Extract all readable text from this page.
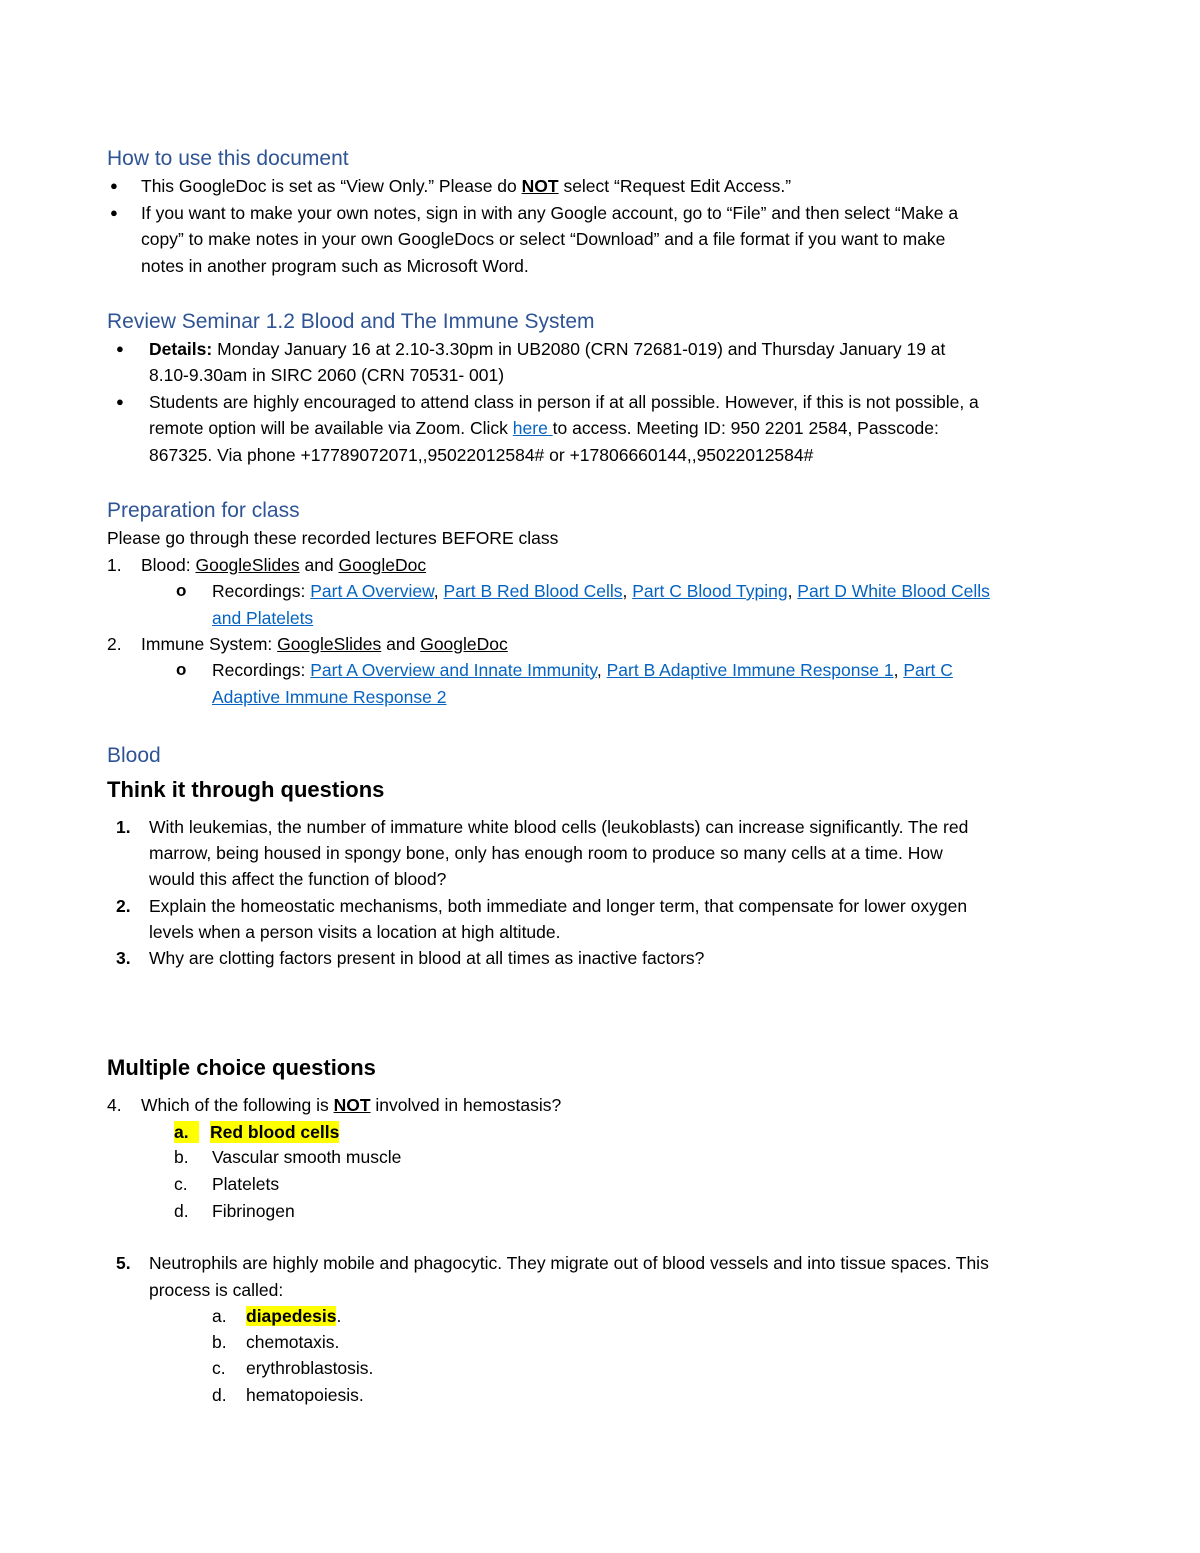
How to use this document
● This GoogleDoc is set as “View Only.” Please do NOT select “Request Edit Access.”
● If you want to make your own notes, sign in with any Google account, go to “File” and then select “Make a
copy” to make notes in your own GoogleDocs or select “Download” and a file format if you want to make
notes in another program such as Microsoft Word.
Review Seminar 1.2 Blood and The Immune System
● Details: Monday January 16 at 2.10-3.30pm in UB2080 (CRN 72681-019) and Thursday January 19 at
8.10-9.30am in SIRC 2060 (CRN 70531- 001)
● Students are highly encouraged to attend class in person if at all possible. However, if this is not possible, a
remote option will be available via Zoom. Click here to access. Meeting ID: 950 2201 2584, Passcode:
867325. Via phone +17789072071,,95022012584# or +17806660144,,95022012584#
Preparation for class
Please go through these recorded lectures BEFORE class
1. Blood: GoogleSlides and GoogleDoc
o Recordings: Part A Overview, Part B Red Blood Cells, Part C Blood Typing, Part D White Blood Cells
and Platelets
2. Immune System: GoogleSlides and GoogleDoc
o Recordings: Part A Overview and Innate Immunity, Part B Adaptive Immune Response 1, Part C
Adaptive Immune Response 2
Blood
Think it through questions
1. With leukemias, the number of immature white blood cells (leukoblasts) can increase significantly. The red
marrow, being housed in spongy bone, only has enough room to produce so many cells at a time. How
would this affect the function of blood?
2. Explain the homeostatic mechanisms, both immediate and longer term, that compensate for lower oxygen
levels when a person visits a location at high altitude.
3. Why are clotting factors present in blood at all times as inactive factors?
Multiple choice questions
4. Which of the following is NOT involved in hemostasis?
a.	Red blood cells
b. Vascular smooth muscle
c. Platelets
d. Fibrinogen
5. Neutrophils are highly mobile and phagocytic. They migrate out of blood vessels and into tissue spaces. This
process is called:
a. diapedesis.
b. chemotaxis.
c. erythroblastosis.
d. hematopoiesis.
